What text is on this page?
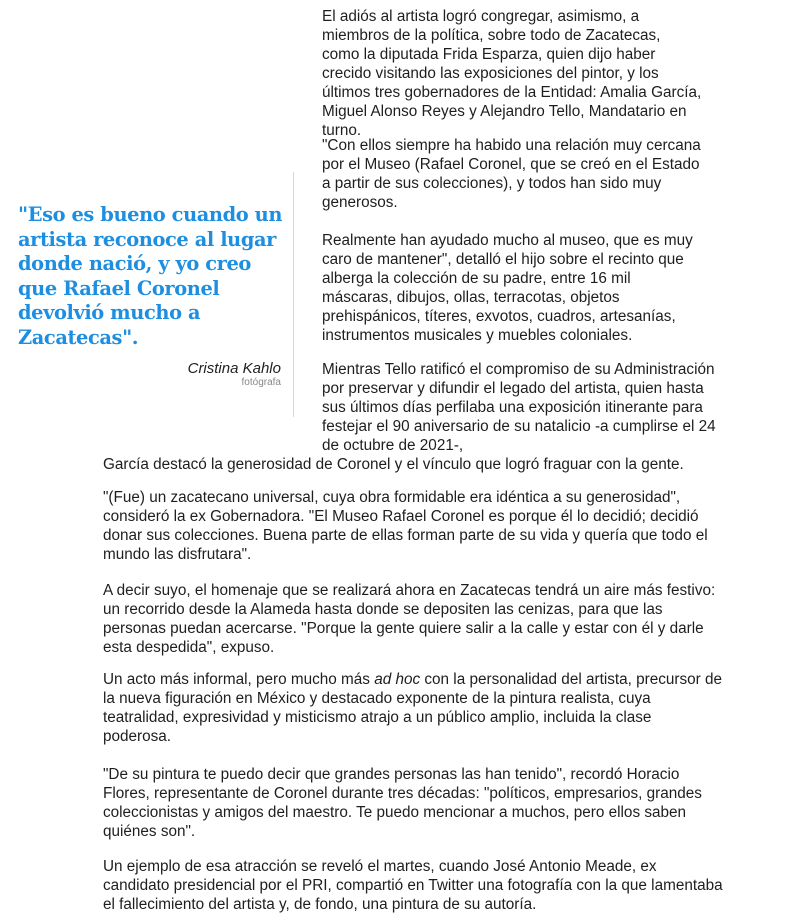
El adiós al artista logró congregar, asimismo, a miembros de la política, sobre todo de Zacatecas, como la diputada Frida Esparza, quien dijo haber crecido visitando las exposiciones del pintor, y los últimos tres gobernadores de la Entidad: Amalia García, Miguel Alonso Reyes y Alejandro Tello, Mandatario en turno.

"Con ellos siempre ha habido una relación muy cercana por el Museo (Rafael Coronel, que se creó en el Estado a partir de sus colecciones), y todos han sido muy generosos.

Realmente han ayudado mucho al museo, que es muy caro de mantener", detalló el hijo sobre el recinto que alberga la colección de su padre, entre 16 mil máscaras, dibujos, ollas, terracotas, objetos prehispánicos, títeres, exvotos, cuadros, artesanías, instrumentos musicales y muebles coloniales.

Mientras Tello ratificó el compromiso de su Administración por preservar y difundir el legado del artista, quien hasta sus últimos días perfilaba una exposición itinerante para festejar el 90 aniversario de su natalicio -a cumplirse el 24 de octubre de 2021-,

García destacó la generosidad de Coronel y el vínculo que logró fraguar con la gente.

"(Fue) un zacatecano universal, cuya obra formidable era idéntica a su generosidad", consideró la ex Gobernadora. "El Museo Rafael Coronel es porque él lo decidió; decidió donar sus colecciones. Buena parte de ellas forman parte de su vida y quería que todo el mundo las disfrutara".

A decir suyo, el homenaje que se realizará ahora en Zacatecas tendrá un aire más festivo: un recorrido desde la Alameda hasta donde se depositen las cenizas, para que las personas puedan acercarse. "Porque la gente quiere salir a la calle y estar con él y darle esta despedida", expuso.

Un acto más informal, pero mucho más ad hoc con la personalidad del artista, precursor de la nueva figuración en México y destacado exponente de la pintura realista, cuya teatralidad, expresividad y misticismo atrajo a un público amplio, incluida la clase poderosa.

"De su pintura te puedo decir que grandes personas las han tenido", recordó Horacio Flores, representante de Coronel durante tres décadas: "políticos, empresarios, grandes coleccionistas y amigos del maestro. Te puedo mencionar a muchos, pero ellos saben quiénes son".

Un ejemplo de esa atracción se reveló el martes, cuando José Antonio Meade, ex candidato presidencial por el PRI, compartió en Twitter una fotografía con la que lamentaba el fallecimiento del artista y, de fondo, una pintura de su autoría.

"Eso es bueno cuando un artista reconoce al lugar donde nació, y yo creo que Rafael Coronel devolvió mucho a Zacatecas".

Cristina Kahlo
fotógrafa
